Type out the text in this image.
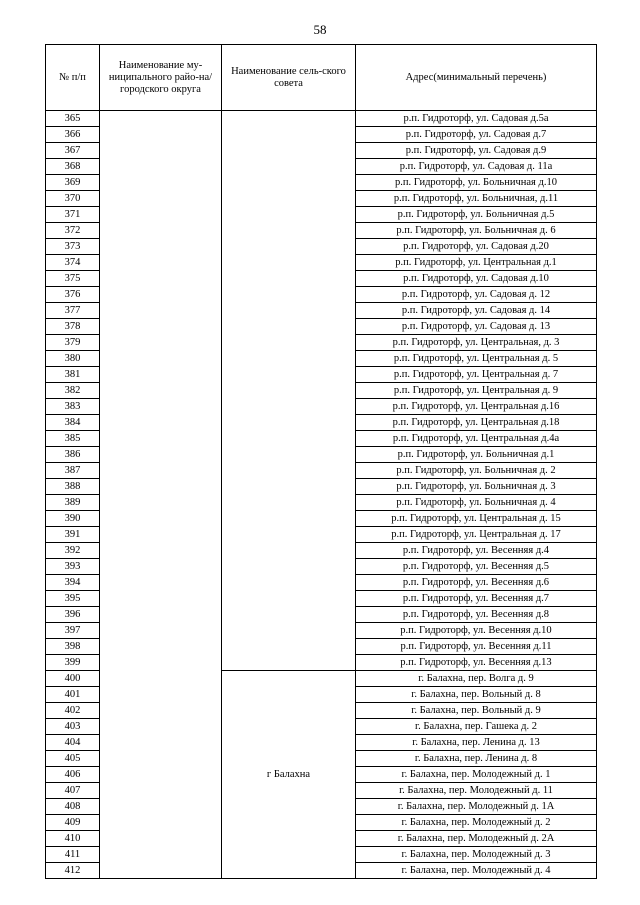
58
№ п/п	Наименование му-ниципального райо-на/ городского округа	Наименование сель-ского совета	Адрес(минимальный перечень)
365			р.п. Гидроторф, ул. Садовая д.5а
366			р.п. Гидроторф, ул. Садовая д.7
367			р.п. Гидроторф, ул. Садовая д.9
368			р.п. Гидроторф, ул. Садовая д. 11а
369			р.п. Гидроторф, ул. Больничная д.10
370			р.п. Гидроторф, ул. Больничная, д.11
371			р.п. Гидроторф, ул. Больничная д.5
372			р.п. Гидроторф, ул. Больничная д. 6
373			р.п. Гидроторф, ул. Садовая д.20
374			р.п. Гидроторф, ул. Центральная д.1
375			р.п. Гидроторф, ул. Садовая д.10
376			р.п. Гидроторф, ул. Садовая д. 12
377			р.п. Гидроторф, ул. Садовая д. 14
378			р.п. Гидроторф, ул. Садовая д. 13
379			р.п. Гидроторф, ул. Центральная, д. 3
380			р.п. Гидроторф, ул. Центральная д. 5
381			р.п. Гидроторф, ул. Центральная д. 7
382			р.п. Гидроторф, ул. Центральная д. 9
383			р.п. Гидроторф, ул. Центральная д.16
384			р.п. Гидроторф, ул. Центральная д.18
385			р.п. Гидроторф, ул. Центральная д.4а
386			р.п. Гидроторф, ул. Больничная д.1
387			р.п. Гидроторф, ул. Больничная д. 2
388			р.п. Гидроторф, ул. Больничная д. 3
389			р.п. Гидроторф, ул. Больничная д. 4
390			р.п. Гидроторф, ул. Центральная д. 15
391			р.п. Гидроторф, ул. Центральная д. 17
392			р.п. Гидроторф, ул. Весенняя д.4
393			р.п. Гидроторф, ул. Весенняя д.5
394			р.п. Гидроторф, ул. Весенняя д.6
395			р.п. Гидроторф, ул. Весенняя д.7
396			р.п. Гидроторф, ул. Весенняя д.8
397			р.п. Гидроторф, ул. Весенняя д.10
398			р.п. Гидроторф, ул. Весенняя д.11
399			р.п. Гидроторф, ул. Весенняя д.13
400		г Балахна	г. Балахна, пер. Волга д. 9
401			г. Балахна, пер. Вольный д. 8
402			г. Балахна, пер. Вольный д. 9
403			г. Балахна, пер. Гашека д. 2
404			г. Балахна, пер. Ленина д. 13
405			г. Балахна, пер. Ленина д. 8
406			г. Балахна, пер. Молодежный д. 1
407			г. Балахна, пер. Молодежный д. 11
408			г. Балахна, пер. Молодежный д. 1А
409			г. Балахна, пер. Молодежный д. 2
410			г. Балахна, пер. Молодежный д. 2А
411			г. Балахна, пер. Молодежный д. 3
412			г. Балахна, пер. Молодежный д. 4
